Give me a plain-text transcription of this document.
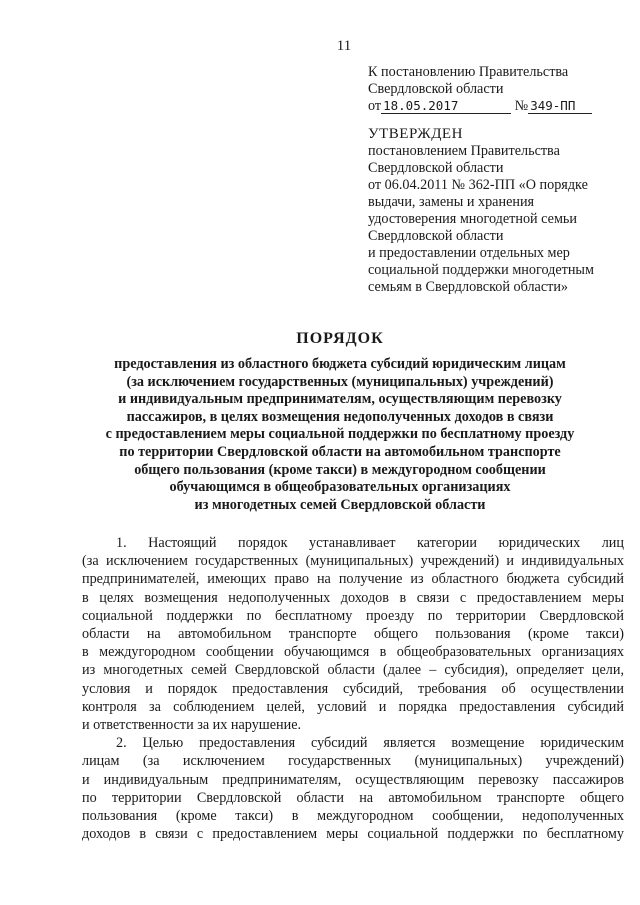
11
К постановлению Правительства
Свердловской области
от 18.05.2017	№ 349-ПП
УТВЕРЖДЕН
постановлением Правительства
Свердловской области
от 06.04.2011 № 362-ПП «О порядке
выдачи, замены и хранения
удостоверения многодетной семьи
Свердловской области
и предоставлении отдельных мер
социальной поддержки многодетным
семьям в Свердловской области»
ПОРЯДОК

предоставления из областного бюджета субсидий юридическим лицам
(за исключением государственных (муниципальных) учреждений)
и индивидуальным предпринимателям, осуществляющим перевозку
пассажиров, в целях возмещения недополученных доходов в связи
с предоставлением меры социальной поддержки по бесплатному проезду
по территории Свердловской области на автомобильном транспорте
общего пользования (кроме такси) в междугородном сообщении
обучающимся в общеобразовательных организациях
из многодетных семей Свердловской области

1. Настоящий порядок устанавливает категории юридических лиц
(за исключением государственных (муниципальных) учреждений) и индивидуальных
предпринимателей, имеющих право на получение из областного бюджета субсидий
в целях возмещения недополученных доходов в связи с предоставлением меры
социальной поддержки по бесплатному проезду по территории Свердловской
области на автомобильном транспорте общего пользования (кроме такси)
в междугородном сообщении обучающимся в общеобразовательных организациях
из многодетных семей Свердловской области (далее – субсидия), определяет цели,
условия и порядок предоставления субсидий, требования об осуществлении
контроля за соблюдением целей, условий и порядка предоставления субсидий
и ответственности за их нарушение.

2. Целью предоставления субсидий является возмещение юридическим
лицам (за исключением государственных (муниципальных) учреждений)
и индивидуальным предпринимателям, осуществляющим перевозку пассажиров
по территории Свердловской области на автомобильном транспорте общего
пользования (кроме такси) в междугородном сообщении, недополученных
доходов в связи с предоставлением меры социальной поддержки по бесплатному
